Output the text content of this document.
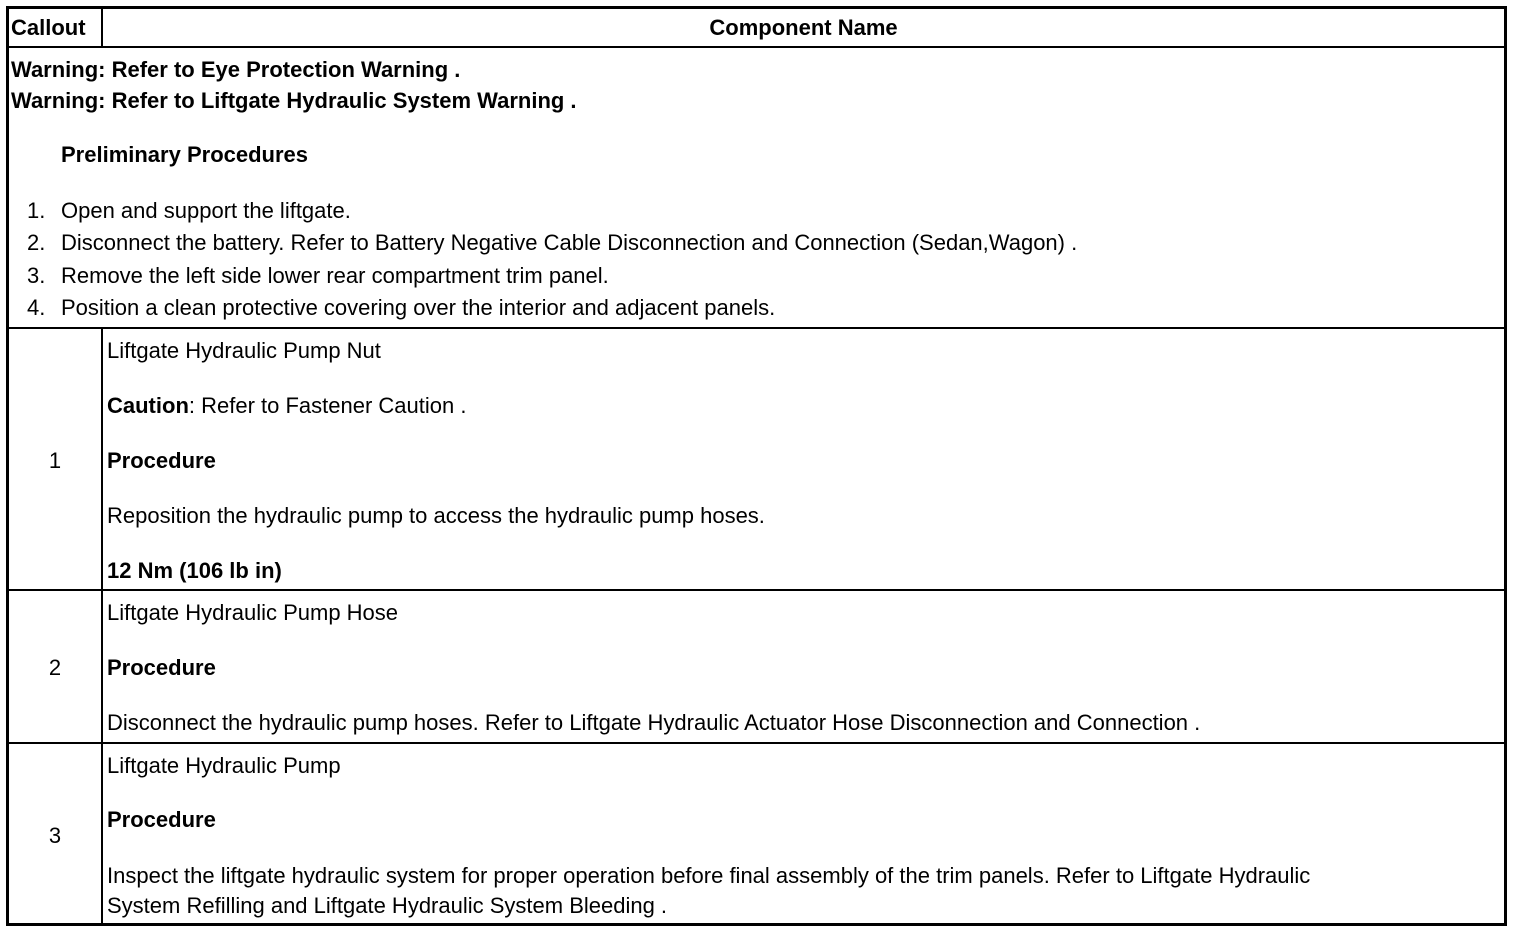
Callout	Component Name
Warning: Refer to Eye Protection Warning .
Warning: Refer to Liftgate Hydraulic System Warning .
Preliminary Procedures
1. Open and support the liftgate.
2. Disconnect the battery. Refer to Battery Negative Cable Disconnection and Connection (Sedan,Wagon) .
3. Remove the left side lower rear compartment trim panel.
4. Position a clean protective covering over the interior and adjacent panels.
1
Liftgate Hydraulic Pump Nut
Caution: Refer to Fastener Caution .
Procedure
Reposition the hydraulic pump to access the hydraulic pump hoses.
12 Nm (106 lb in)
2
Liftgate Hydraulic Pump Hose
Procedure
Disconnect the hydraulic pump hoses. Refer to Liftgate Hydraulic Actuator Hose Disconnection and Connection .
3
Liftgate Hydraulic Pump
Procedure
Inspect the liftgate hydraulic system for proper operation before final assembly of the trim panels. Refer to Liftgate Hydraulic
System Refilling and Liftgate Hydraulic System Bleeding .
